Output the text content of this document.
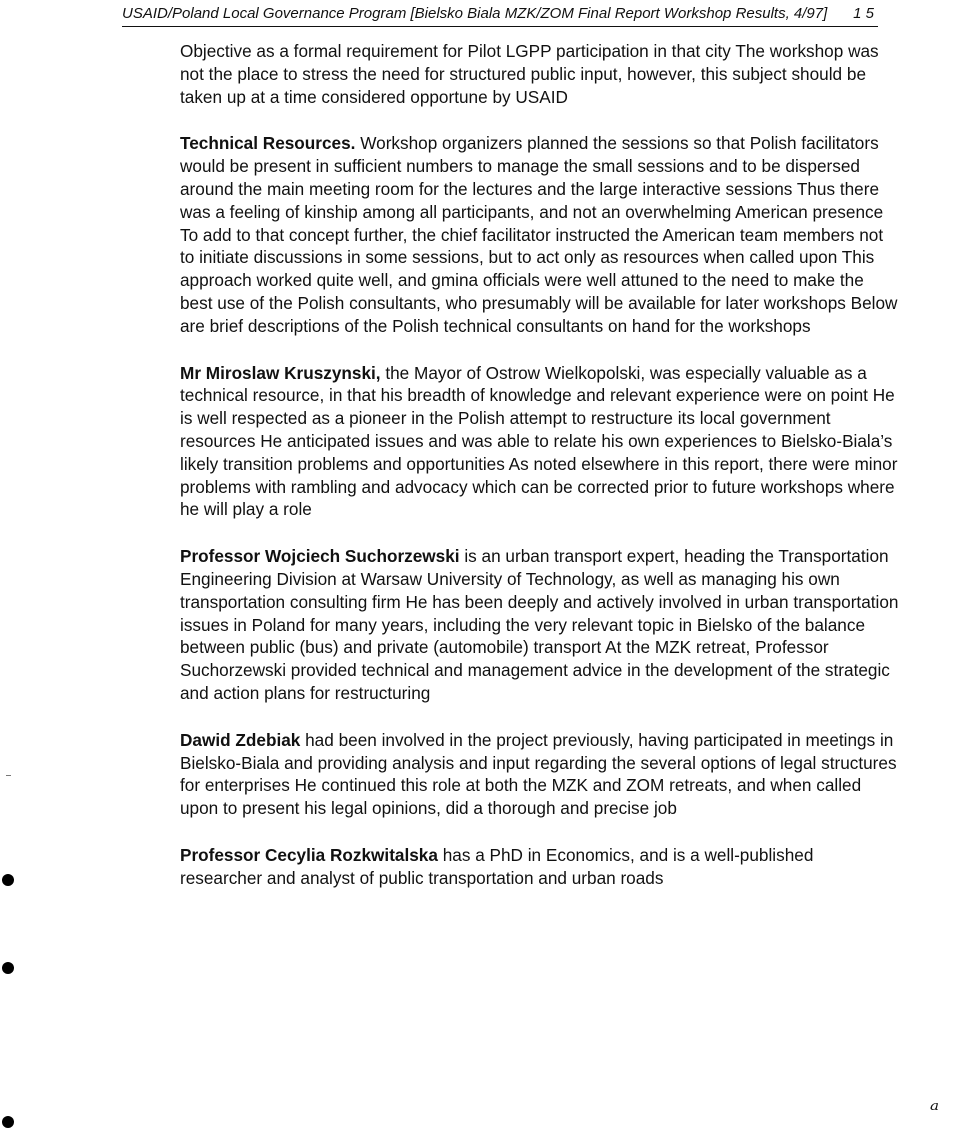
USAID/Poland Local Governance Program [Bielsko Biala MZK/ZOM Final Report Workshop Results, 4/97] 1 5

Objective as a formal requirement for Pilot LGPP participation in that city The workshop was not the place to stress the need for structured public input, however, this subject should be taken up at a time considered opportune by USAID

Technical Resources. Workshop organizers planned the sessions so that Polish facilitators would be present in sufficient numbers to manage the small sessions and to be dispersed around the main meeting room for the lectures and the large interactive sessions Thus there was a feeling of kinship among all participants, and not an overwhelming American presence To add to that concept further, the chief facilitator instructed the American team members not to initiate discussions in some sessions, but to act only as resources when called upon This approach worked quite well, and gmina officials were well attuned to the need to make the best use of the Polish consultants, who presumably will be available for later workshops Below are brief descriptions of the Polish technical consultants on hand for the workshops

Mr Miroslaw Kruszynski, the Mayor of Ostrow Wielkopolski, was especially valuable as a technical resource, in that his breadth of knowledge and relevant experience were on point He is well respected as a pioneer in the Polish attempt to restructure its local government resources He anticipated issues and was able to relate his own experiences to Bielsko-Biala’s likely transition problems and opportunities As noted elsewhere in this report, there were minor problems with rambling and advocacy which can be corrected prior to future workshops where he will play a role

Professor Wojciech Suchorzewski is an urban transport expert, heading the Transportation Engineering Division at Warsaw University of Technology, as well as managing his own transportation consulting firm He has been deeply and actively involved in urban transportation issues in Poland for many years, including the very relevant topic in Bielsko of the balance between public (bus) and private (automobile) transport At the MZK retreat, Professor Suchorzewski provided technical and management advice in the development of the strategic and action plans for restructuring

Dawid Zdebiak had been involved in the project previously, having participated in meetings in Bielsko-Biala and providing analysis and input regarding the several options of legal structures for enterprises He continued this role at both the MZK and ZOM retreats, and when called upon to present his legal opinions, did a thorough and precise job

Professor Cecylia Rozkwitalska has a PhD in Economics, and is a well-published researcher and analyst of public transportation and urban roads

ᵃ
